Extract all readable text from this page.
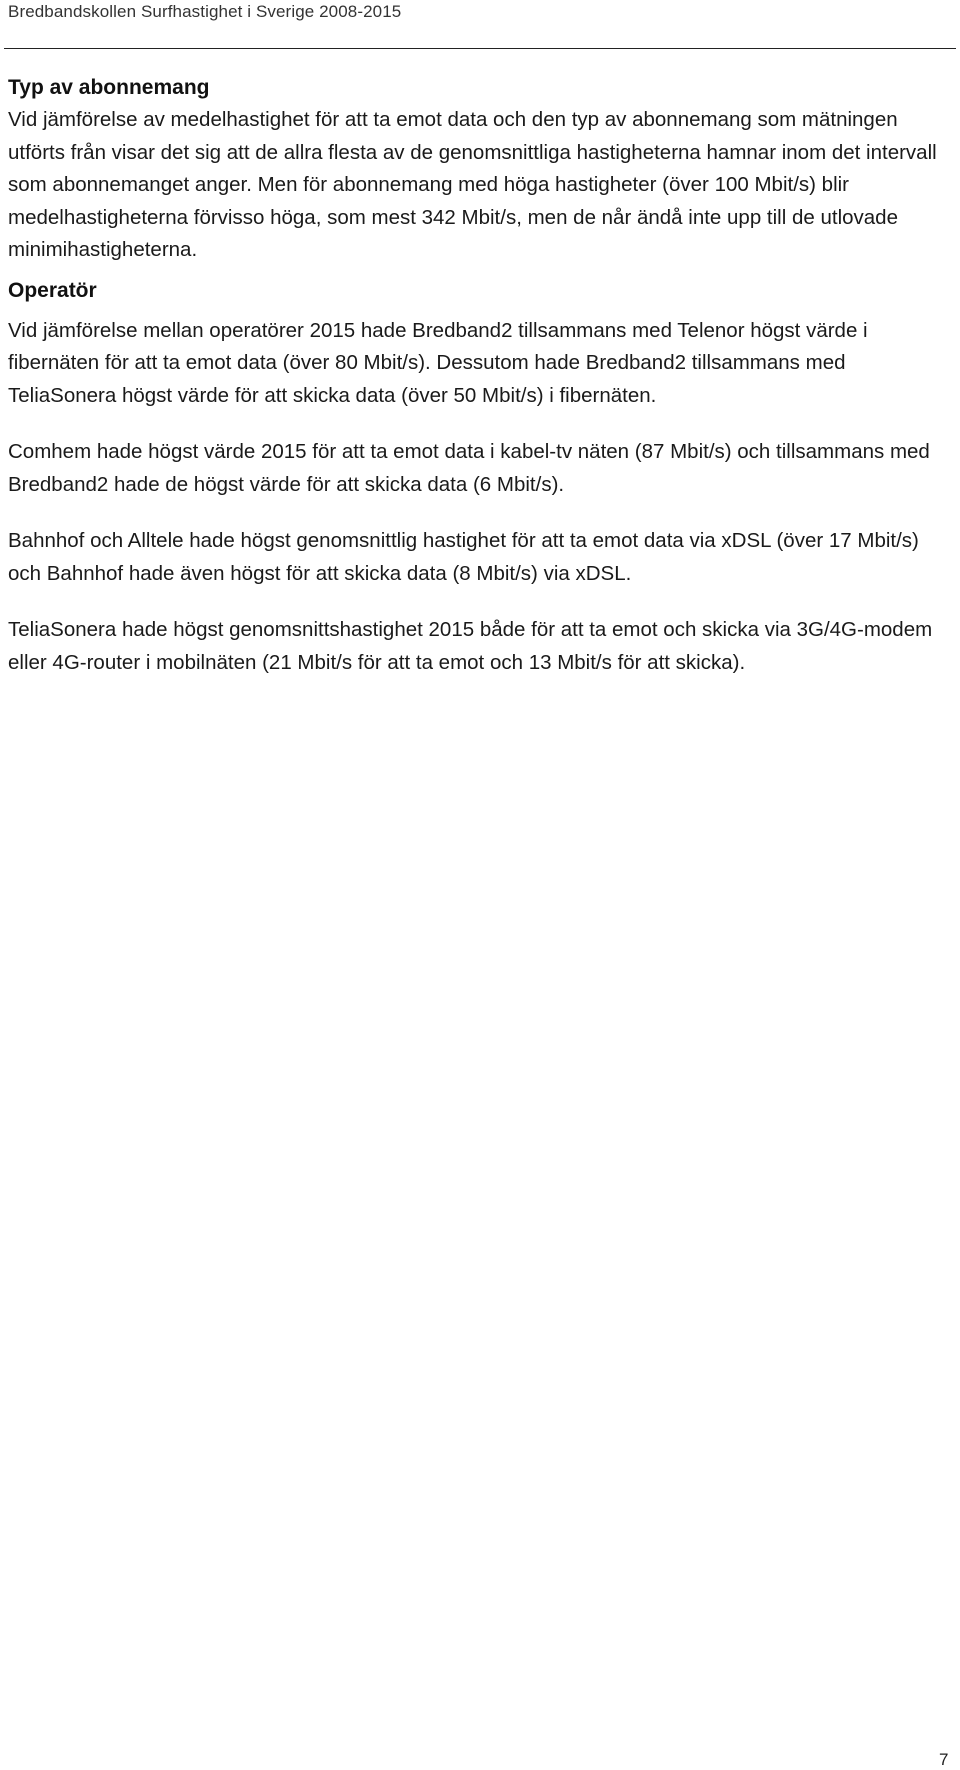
Bredbandskollen Surfhastighet i Sverige 2008-2015
Typ av abonnemang

Vid jämförelse av medelhastighet för att ta emot data och den typ av abonnemang som mätningen utförts från visar det sig att de allra flesta av de genomsnittliga hastigheterna hamnar inom det intervall som abonnemanget anger. Men för abonnemang med höga hastigheter (över 100 Mbit/s) blir medelhastigheterna förvisso höga, som mest 342 Mbit/s, men de når ändå inte upp till de utlovade minimihastigheterna.

Operatör

Vid jämförelse mellan operatörer 2015 hade Bredband2 tillsammans med Telenor högst värde i fibernäten för att ta emot data (över 80 Mbit/s). Dessutom hade Bredband2 tillsammans med TeliaSonera högst värde för att skicka data (över 50 Mbit/s) i fibernäten.

Comhem hade högst värde 2015 för att ta emot data i kabel-tv näten (87 Mbit/s) och tillsammans med Bredband2 hade de högst värde för att skicka data (6 Mbit/s).

Bahnhof och Alltele hade högst genomsnittlig hastighet för att ta emot data via xDSL (över 17 Mbit/s) och Bahnhof hade även högst för att skicka data (8 Mbit/s) via xDSL.

TeliaSonera hade högst genomsnittshastighet 2015 både för att ta emot och skicka via 3G/4G-modem eller 4G-router i mobilnäten (21 Mbit/s för att ta emot och 13 Mbit/s för att skicka).

7
